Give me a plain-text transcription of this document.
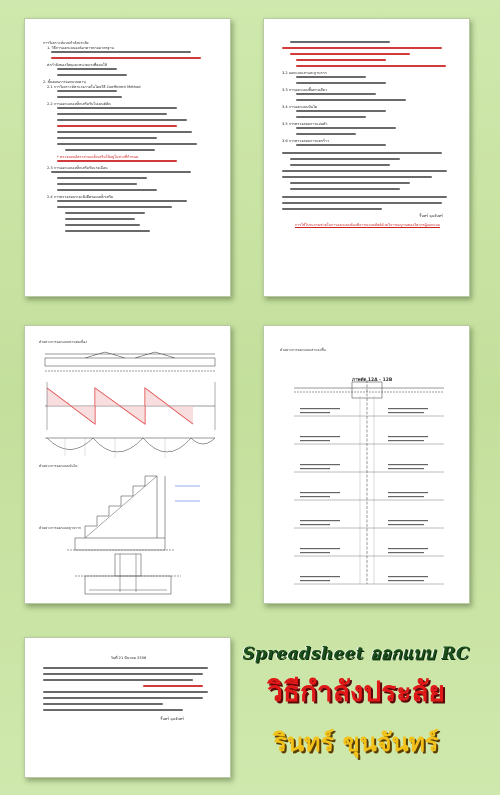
การวิเคราะห์แบบกำลังประลัย
1. วิธีการออกแบบองค์อาคารตามมาตรฐาน
ค่ากำลังของวัสดุและหน่วยแรงที่ยอมให้
2. ขั้นตอนการออกแบบคาน
2.1 การวิเคราะห์หาแรงภายในโดยวิธี Coefficient Method
2.2 การออกแบบเหล็กเสริมรับโมเมนต์ดัด
* ตรวจสอบอัตราส่วนเหล็กเสริมให้อยู่ในช่วงที่กำหนด
2.3 การออกแบบเหล็กเสริมรับแรงเฉือน
2.4 การตรวจสอบระยะฝังยึดของเหล็กเสริม
3.2 ออกแบบเสาและฐานราก
3.3 การออกแบบพื้นทางเดียว
3.4 การออกแบบบันได
3.5 การตรวจสอบการแอ่นตัว
3.6 การตรวจสอบการแตกร้าว
ริ้นทร์ ฉุนจันทร์
การใช้โปรแกรมช่วยในการออกแบบต้องพิจารณาผลลัพธ์ด้วยวิจารณญาณของวิศวกรผู้ออกแบบ
ตัวอย่างการออกแบบคานต่อเนื่อง
ตัวอย่างการออกแบบบันได
ตัวอย่างการออกแบบฐานราก
ตัวอย่างการออกแบบเสาและพื้น
ภาพตัด 12A - 12B
วันที่ 21 มีนาคม 2556
ริ้นทร์ ฉุนจันทร์
Spreadsheet ออกแบบ RC
วิธีกำลังประลัย
รินทร์ ขุนจันทร์
